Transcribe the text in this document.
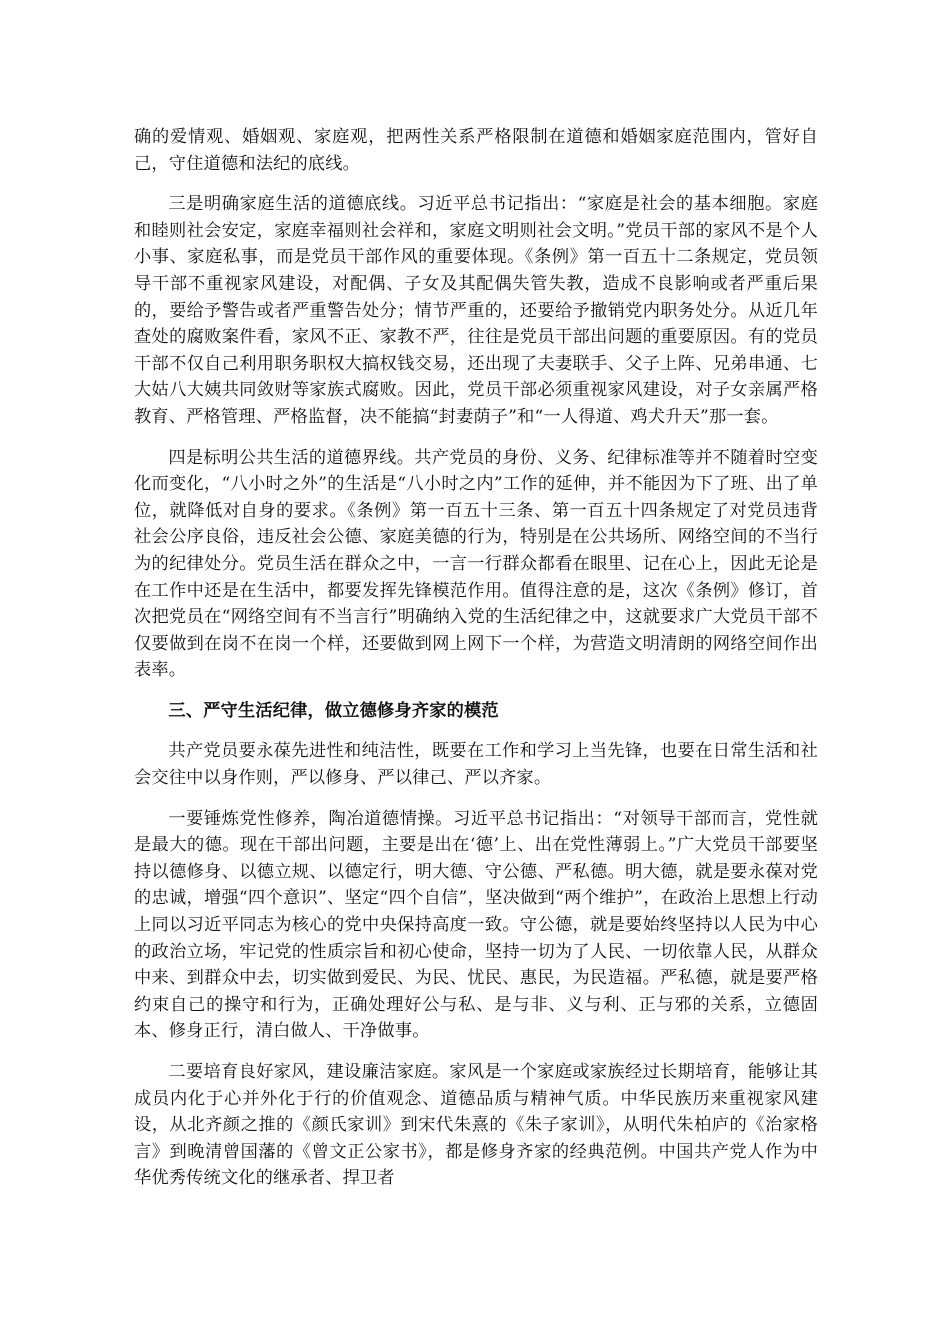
确的爱情观、婚姻观、家庭观，把两性关系严格限制在道德和婚姻家庭范围内，管好自己，守住道德和法纪的底线。

三是明确家庭生活的道德底线。习近平总书记指出：“家庭是社会的基本细胞。家庭和睦则社会安定，家庭幸福则社会祥和，家庭文明则社会文明。”党员干部的家风不是个人小事、家庭私事，而是党员干部作风的重要体现。《条例》第一百五十二条规定，党员领导干部不重视家风建设，对配偶、子女及其配偶失管失教，造成不良影响或者严重后果的，要给予警告或者严重警告处分；情节严重的，还要给予撤销党内职务处分。从近几年查处的腐败案件看，家风不正、家教不严，往往是党员干部出问题的重要原因。有的党员干部不仅自己利用职务职权大搞权钱交易，还出现了夫妻联手、父子上阵、兄弟串通、七大姑八大姨共同敛财等家族式腐败。因此，党员干部必须重视家风建设，对子女亲属严格教育、严格管理、严格监督，决不能搞“封妻荫子”和“一人得道、鸡犬升天”那一套。

四是标明公共生活的道德界线。共产党员的身份、义务、纪律标准等并不随着时空变化而变化，“八小时之外”的生活是“八小时之内”工作的延伸，并不能因为下了班、出了单位，就降低对自身的要求。《条例》第一百五十三条、第一百五十四条规定了对党员违背社会公序良俗，违反社会公德、家庭美德的行为，特别是在公共场所、网络空间的不当行为的纪律处分。党员生活在群众之中，一言一行群众都看在眼里、记在心上，因此无论是在工作中还是在生活中，都要发挥先锋模范作用。值得注意的是，这次《条例》修订，首次把党员在“网络空间有不当言行”明确纳入党的生活纪律之中，这就要求广大党员干部不仅要做到在岗不在岗一个样，还要做到网上网下一个样，为营造文明清朗的网络空间作出表率。

三、严守生活纪律，做立德修身齐家的模范

共产党员要永葆先进性和纯洁性，既要在工作和学习上当先锋，也要在日常生活和社会交往中以身作则，严以修身、严以律己、严以齐家。

一要锤炼党性修养，陶冶道德情操。习近平总书记指出：“对领导干部而言，党性就是最大的德。现在干部出问题，主要是出在‘德’上、出在党性薄弱上。”广大党员干部要坚持以德修身、以德立规、以德定行，明大德、守公德、严私德。明大德，就是要永葆对党的忠诚，增强“四个意识”、坚定“四个自信”，坚决做到“两个维护”，在政治上思想上行动上同以习近平同志为核心的党中央保持高度一致。守公德，就是要始终坚持以人民为中心的政治立场，牢记党的性质宗旨和初心使命，坚持一切为了人民、一切依靠人民，从群众中来、到群众中去，切实做到爱民、为民、忧民、惠民，为民造福。严私德，就是要严格约束自己的操守和行为，正确处理好公与私、是与非、义与利、正与邪的关系，立德固本、修身正行，清白做人、干净做事。

二要培育良好家风，建设廉洁家庭。家风是一个家庭或家族经过长期培育，能够让其成员内化于心并外化于行的价值观念、道德品质与精神气质。中华民族历来重视家风建设，从北齐颜之推的《颜氏家训》到宋代朱熹的《朱子家训》，从明代朱柏庐的《治家格言》到晚清曾国藩的《曾文正公家书》，都是修身齐家的经典范例。中国共产党人作为中华优秀传统文化的继承者、捍卫者
